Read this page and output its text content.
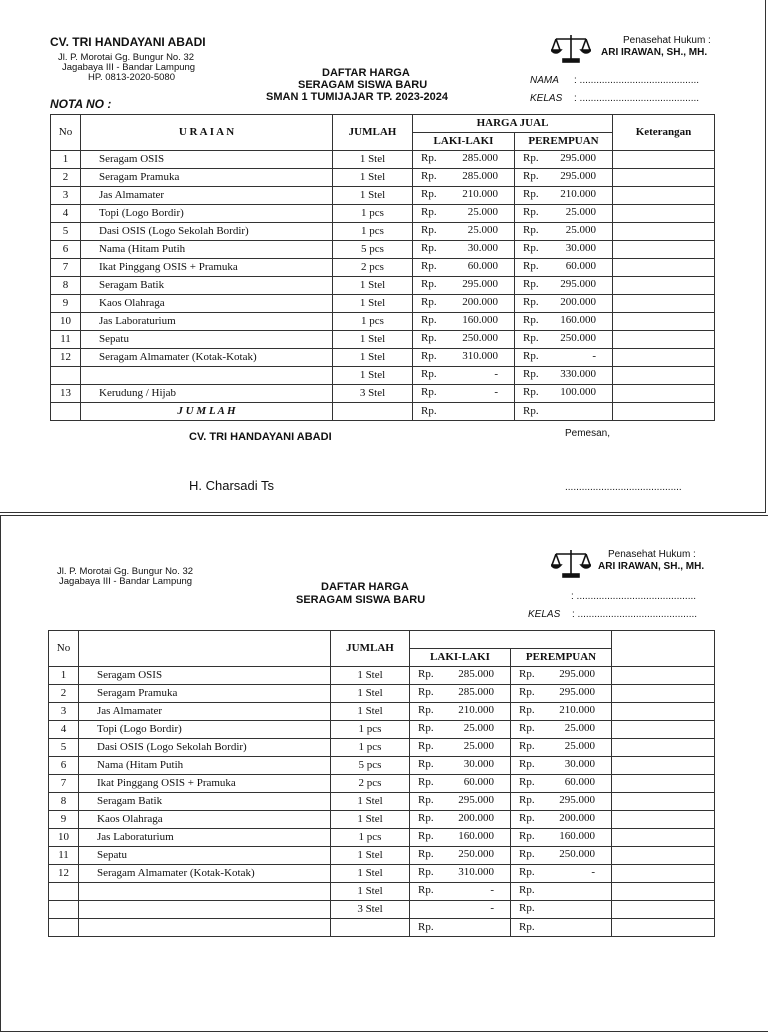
CV. TRI HANDAYANI ABADI
Jl. P. Morotai Gg. Bungur No. 32
Jagabaya III - Bandar Lampung
HP. 0813-2020-5080	DAFTAR HARGA
SERAGAM SISWA BARU
SMAN 1 TUMIJAJAR TP. 2023-2024
NOTA NO :
Penasehat Hukum :
ARI IRAWAN, SH., MH.
NAMA : ...........................................
KELAS : ...........................................
No	U R A I A N	JUMLAH	HARGA JUAL		Keterangan
			LAKI-LAKI	PEREMPUAN	
1	Seragam OSIS	1 Stel	Rp. 285.000	Rp. 295.000	

2	Seragam Pramuka	1 Stel	Rp. 285.000	Rp. 295.000	

3	Jas Almamater	1 Stel	Rp. 210.000	Rp. 210.000	

4	Topi (Logo Bordir)	1 pcs	Rp. 25.000	Rp. 25.000	

5	Dasi OSIS (Logo Sekolah Bordir)	1 pcs	Rp. 25.000	Rp. 25.000	

6	Nama (Hitam Putih	5 pcs	Rp. 30.000	Rp. 30.000	

7	Ikat Pinggang OSIS + Pramuka	2 pcs	Rp. 60.000	Rp. 60.000	

8	Seragam Batik	1 Stel	Rp. 295.000	Rp. 295.000	

9	Kaos Olahraga	1 Stel	Rp. 200.000	Rp. 200.000	

10	Jas Laboraturium	1 pcs	Rp. 160.000	Rp. 160.000	

11	Sepatu	1 Stel	Rp. 250.000	Rp. 250.000	

12	Seragam Almamater (Kotak-Kotak)	1 Stel	Rp. 310.000	Rp. -	

		1 Stel	Rp. -	Rp. 330.000	

13	Kerudung / Hijab	3 Stel	Rp. -	Rp. 100.000	

	J U M L A H		Rp.	Rp.	
CV. TRI HANDAYANI ABADI
H. Charsadi Ts
Pemesan,
..........................................
Jl. P. Morotai Gg. Bungur No. 32
Jagabaya III - Bandar Lampung	DAFTAR HARGA
SERAGAM SISWA BARU
Penasehat Hukum :
ARI IRAWAN, SH., MH.
: ...........................................
KELAS : ...........................................
No		JUMLAH			
			LAKI-LAKI	PEREMPUAN	
1	Seragam OSIS	1 Stel	Rp. 285.000	Rp. 295.000	

2	Seragam Pramuka	1 Stel	Rp. 285.000	Rp. 295.000	

3	Jas Almamater	1 Stel	Rp. 210.000	Rp. 210.000	

4	Topi (Logo Bordir)	1 pcs	Rp. 25.000	Rp. 25.000	

5	Dasi OSIS (Logo Sekolah Bordir)	1 pcs	Rp. 25.000	Rp. 25.000	

6	Nama (Hitam Putih	5 pcs	Rp. 30.000	Rp. 30.000	

7	Ikat Pinggang OSIS + Pramuka	2 pcs	Rp. 60.000	Rp. 60.000	

8	Seragam Batik	1 Stel	Rp. 295.000	Rp. 295.000	

9	Kaos Olahraga	1 Stel	Rp. 200.000	Rp. 200.000	

10	Jas Laboraturium	1 pcs	Rp. 160.000	Rp. 160.000	

11	Sepatu	1 Stel	Rp. 250.000	Rp. 250.000	

12	Seragam Almamater (Kotak-Kotak)	1 Stel	Rp. 310.000	Rp. -	

		1 Stel	Rp. -	Rp.	

		3 Stel	-	Rp.	

			Rp.	Rp.	
